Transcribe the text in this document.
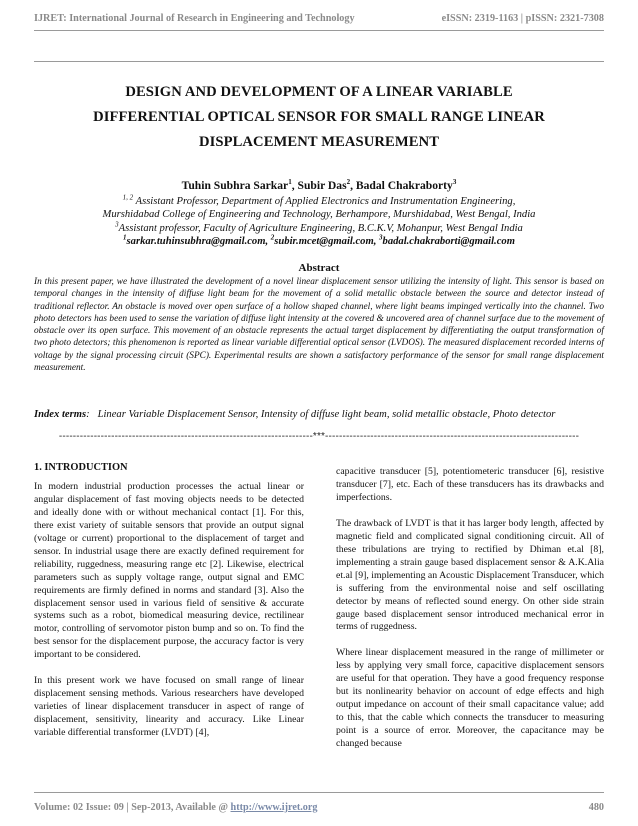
IJRET: International Journal of Research in Engineering and Technology	eISSN: 2319-1163 | pISSN: 2321-7308
DESIGN AND DEVELOPMENT OF A LINEAR VARIABLE
DIFFERENTIAL OPTICAL SENSOR FOR SMALL RANGE LINEAR
DISPLACEMENT MEASUREMENT
Tuhin Subhra Sarkar$^1$, Subir Das$^2$, Badal Chakraborty$^3$
$^{1, 2}$ Assistant Professor, Department of Applied Electronics and Instrumentation Engineering,
Murshidabad College of Engineering and Technology, Berhampore, Murshidabad, West Bengal, India
$^3$Assistant professor, Faculty of Agriculture Engineering, B.C.K.V, Mohanpur, West Bengal India
$^1$sarkar.tuhinsubhra@gmail.com, $^2$subir.mcet@gmail.com, $^3$badal.chakraborti@gmail.com
Abstract
In this present paper, we have illustrated the development of a novel linear displacement sensor utilizing the intensity of light. This sensor is based on temporal changes in the intensity of diffuse light beam for the movement of a solid metallic obstacle between the source and detector instead of traditional reflector. An obstacle is moved over open surface of a hollow shaped channel, where light beams impinged vertically into the channel. Two photo detectors has been used to sense the variation of diffuse light intensity at the covered & uncovered area of channel surface due to the movement of obstacle over its open surface. This movement of an obstacle represents the actual target displacement by differentiating the output transformation of two photo detectors; this phenomenon is reported as linear variable differential optical sensor (LVDOS). The measured displacement recorded interns of voltage by the signal processing circuit (SPC). Experimental results are shown a satisfactory performance of the sensor for small range displacement measurement.
Index terms:   Linear Variable Displacement Sensor, Intensity of diffuse light beam, solid metallic obstacle, Photo detector
-------------------------------------------------------------------------***-------------------------------------------------------------------------

1. INTRODUCTION

In modern industrial production processes the actual linear or angular displacement of fast moving objects needs to be detected and ideally done with or without mechanical contact [1]. For this, there exist variety of suitable sensors that provide an output signal (voltage or current) proportional to the displacement of target and sensor. In industrial usage there are exactly defined requirement for reliability, ruggedness, measuring range etc [2]. Likewise, electrical parameters such as supply voltage range, output signal and EMC requirements are firmly defined in norms and standard [3]. Also the displacement sensor used in various field of sensitive & accurate systems such as a robot, biomedical measuring device, rectilinear motor, controlling of servomotor piston bump and so on. To find the best sensor for the displacement purpose, the accuracy factor is very important to be considered.

In this present work we have focused on small range of linear displacement sensing methods. Various researchers have developed varieties of linear displacement transducer in aspect of range of displacement, sensitivity, linearity and accuracy. Like Linear variable differential transformer (LVDT) [4],

capacitive transducer [5], potentiometeric transducer [6], resistive transducer [7], etc. Each of these transducers has its drawbacks and imperfections.

The drawback of LVDT is that it has larger body length, affected by magnetic field and complicated signal conditioning circuit. All of these tribulations are trying to rectified by Dhiman et.al [8], implementing a strain gauge based displacement sensor & A.K.Alia et.al [9], implementing an Acoustic Displacement Transducer, which is suffering from the environmental noise and self oscillating detector by means of reflected sound energy. On other side strain gauge based displacement sensor introduced mechanical error in terms of ruggedness.

Where linear displacement measured in the range of millimeter or less by applying very small force, capacitive displacement sensors are useful for that operation. They have a good frequency response but its nonlinearity behavior on account of edge effects and high output impedance on account of their small capacitance value; add to this, that the cable which connects the transducer to measuring point is a source of error. Moreover, the capacitance may be changed because

Volume: 02 Issue: 09 | Sep-2013, Available @ http://www.ijret.org	480
